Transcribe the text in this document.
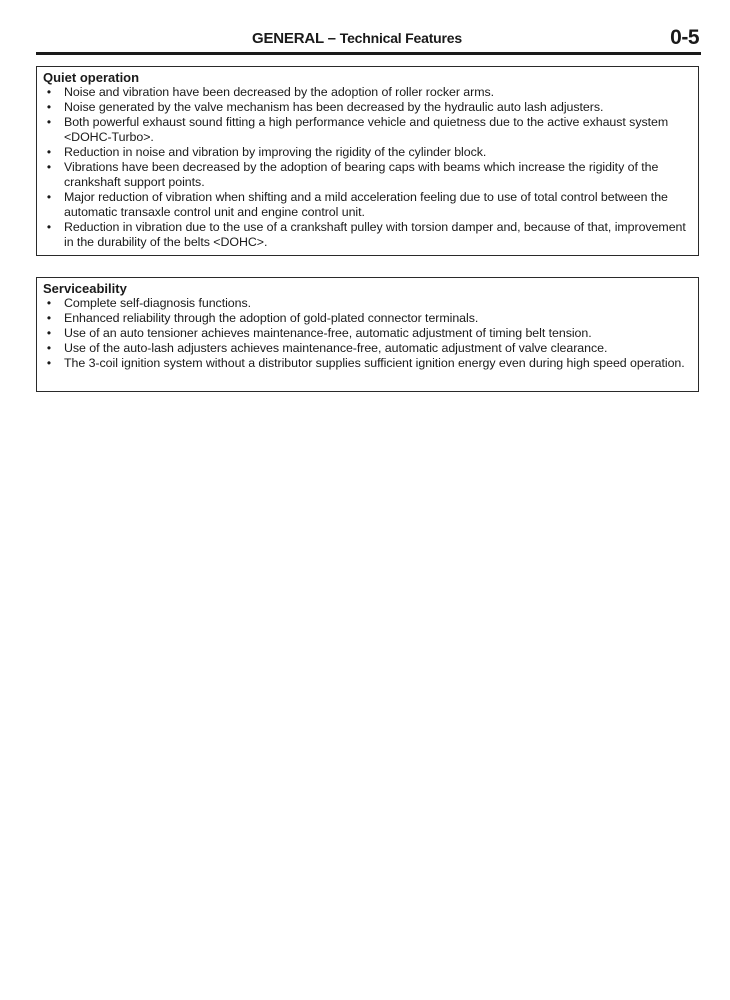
GENERAL – Technical Features	0-5
Quiet operation
•	Noise and vibration have been decreased by the adoption of roller rocker arms.
•	Noise generated by the valve mechanism has been decreased by the hydraulic auto lash adjusters.
•	Both powerful exhaust sound fitting a high performance vehicle and quietness due to the active exhaust system <DOHC-Turbo>.
•	Reduction in noise and vibration by improving the rigidity of the cylinder block.
•	Vibrations have been decreased by the adoption of bearing caps with beams which increase the rigidity of the crankshaft support points.
•	Major reduction of vibration when shifting and a mild acceleration feeling due to use of total control between the automatic transaxle control unit and engine control unit.
•	Reduction in vibration due to the use of a crankshaft pulley with torsion damper and, because of that, improvement in the durability of the belts <DOHC>.
Serviceability
•	Complete self-diagnosis functions.
•	Enhanced reliability through the adoption of gold-plated connector terminals.
•	Use of an auto tensioner achieves maintenance-free, automatic adjustment of timing belt tension.
•	Use of the auto-lash adjusters achieves maintenance-free, automatic adjustment of valve clearance.
•	The 3-coil ignition system without a distributor supplies sufficient ignition energy even during high speed operation.
